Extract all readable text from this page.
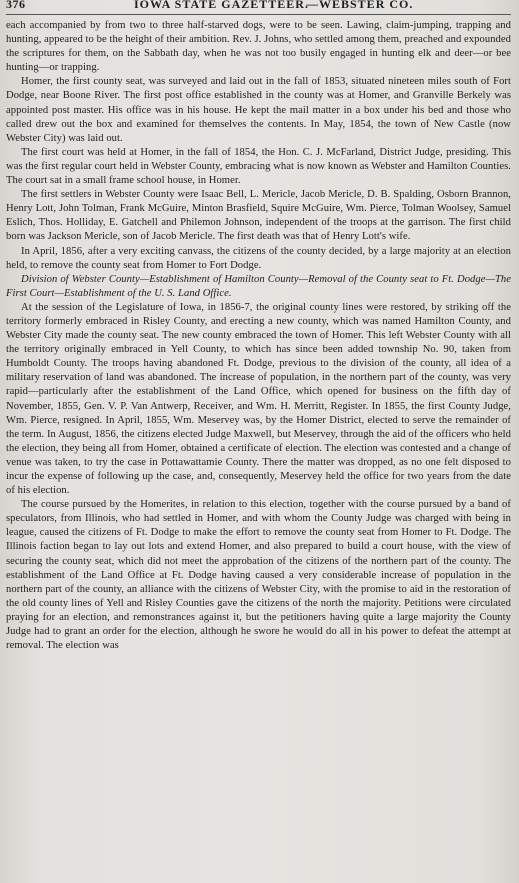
376	IOWA STATE GAZETTEER.
—WEBSTER CO.

each accompanied by from two to three half-starved dogs, were to be seen. Lawing, claim-jumping, trapping and hunting, appeared to be the height of their ambition. Rev. J. Johns, who settled among them, preached and expounded the scriptures for them, on the Sabbath day, when he was not too busily engaged in hunting elk and deer—or bee hunting—or trapping.

Homer, the first county seat, was surveyed and laid out in the fall of 1853, situated nineteen miles south of Fort Dodge, near Boone River. The first post office established in the county was at Homer, and Granville Berkely was appointed post master. His office was in his house. He kept the mail matter in a box under his bed and those who called drew out the box and examined for themselves the contents. In May, 1854, the town of New Castle (now Webster City) was laid out.

The first court was held at Homer, in the fall of 1854, the Hon. C. J. McFarland, District Judge, presiding. This was the first regular court held in Webster County, embracing what is now known as Webster and Hamilton Counties. The court sat in a small frame school house, in Homer.

The first settlers in Webster County were Isaac Bell, L. Mericle, Jacob Mericle, D. B. Spalding, Osborn Brannon, Henry Lott, John Tolman, Frank McGuire, Minton Brasfield, Squire McGuire, Wm. Pierce, Tolman Woolsey, Samuel Eslich, Thos. Holliday, E. Gatchell and Philemon Johnson, independent of the troops at the garrison. The first child born was Jackson Mericle, son of Jacob Mericle. The first death was that of Henry Lott's wife.

In April, 1856, after a very exciting canvass, the citizens of the county decided, by a large majority at an election held, to remove the county seat from Homer to Fort Dodge.

Division of Webster County—Establishment of Hamilton County—Removal of the County seat to Ft. Dodge—The First Court—Establishment of the U. S. Land Office.

At the session of the Legislature of Iowa, in 1856-7, the original county lines were restored, by striking off the territory formerly embraced in Risley County, and erecting a new county, which was named Hamilton County, and Webster City made the county seat. The new county embraced the town of Homer. This left Webster County with all the territory originally embraced in Yell County, to which has since been added township No. 90, taken from Humboldt County. The troops having abandoned Ft. Dodge, previous to the division of the county, all idea of a military reservation of land was abandoned. The increase of population, in the northern part of the county, was very rapid—particularly after the establishment of the Land Office, which opened for business on the fifth day of November, 1855, Gen. V. P. Van Antwerp, Receiver, and Wm. H. Merritt, Register. In 1855, the first County Judge, Wm. Pierce, resigned. In April, 1855, Wm. Meservey was, by the Homer District, elected to serve the remainder of the term. In August, 1856, the citizens elected Judge Maxwell, but Meservey, through the aid of the officers who held the election, they being all from Homer, obtained a certificate of election. The election was contested and a change of venue was taken, to try the case in Pottawattamie County. There the matter was dropped, as no one felt disposed to incur the expense of following up the case, and, consequently, Meservey held the office for two years from the date of his election.

The course pursued by the Homerites, in relation to this election, together with the course pursued by a band of speculators, from Illinois, who had settled in Homer, and with whom the County Judge was charged with being in league, caused the citizens of Ft. Dodge to make the effort to remove the county seat from Homer to Ft. Dodge. The Illinois faction began to lay out lots and extend Homer, and also prepared to build a court house, with the view of securing the county seat, which did not meet the approbation of the citizens of the northern part of the county. The establishment of the Land Office at Ft. Dodge having caused a very considerable increase of population in the northern part of the county, an alliance with the citizens of Webster City, with the promise to aid in the restoration of the old county lines of Yell and Risley Counties gave the citizens of the north the majority. Petitions were circulated praying for an election, and remonstrances against it, but the petitioners having quite a large majority the County Judge had to grant an order for the election, although he swore he would do all in his power to defeat the attempt at removal. The election was
